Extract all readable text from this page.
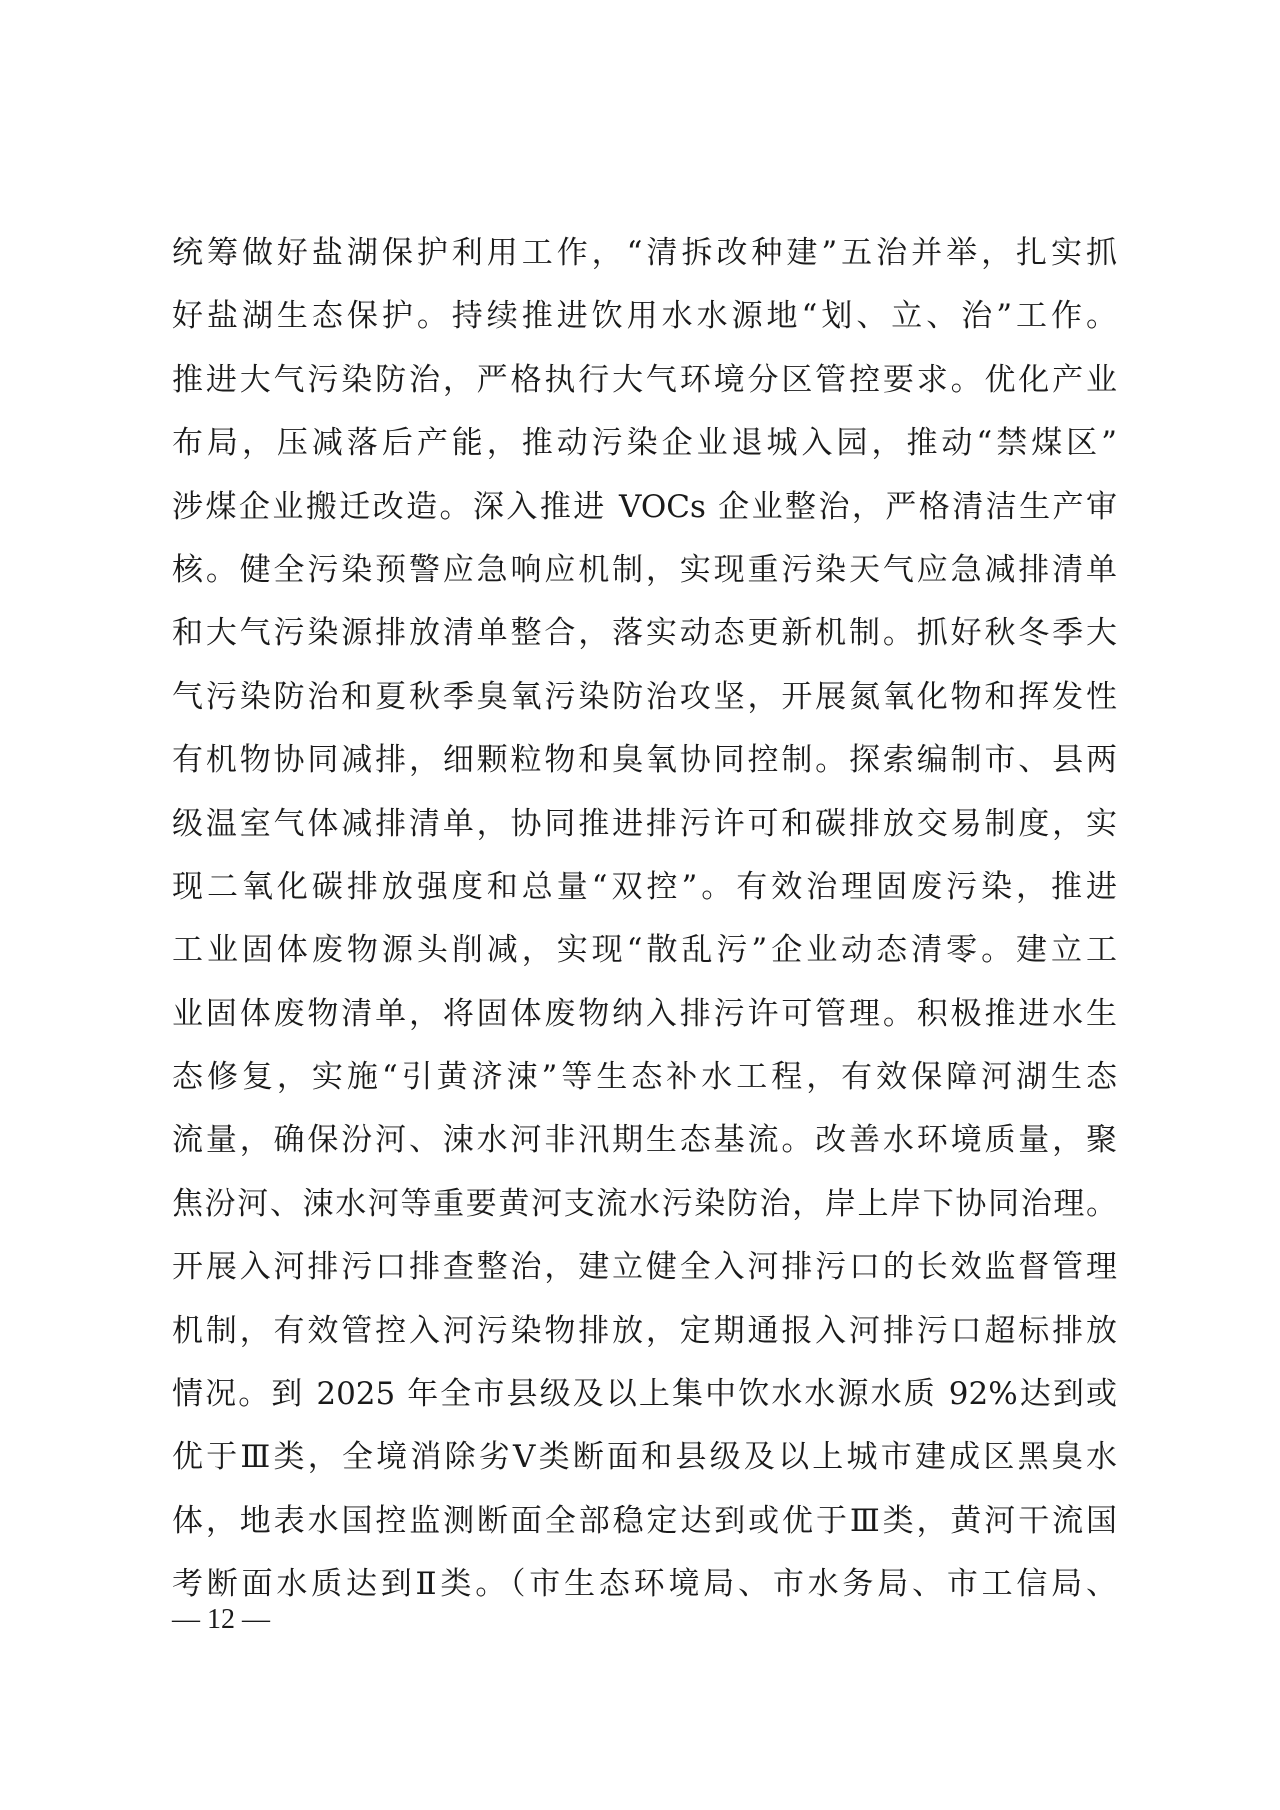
统筹做好盐湖保护利用工作，“清拆改种建”五治并举，扎实抓
好盐湖生态保护。持续推进饮用水水源地“划、立、治”工作。
推进大气污染防治，严格执行大气环境分区管控要求。优化产业
布局，压减落后产能，推动污染企业退城入园，推动“禁煤区”
涉煤企业搬迁改造。深入推进 VOCs 企业整治，严格清洁生产审
核。健全污染预警应急响应机制，实现重污染天气应急减排清单
和大气污染源排放清单整合，落实动态更新机制。抓好秋冬季大
气污染防治和夏秋季臭氧污染防治攻坚，开展氮氧化物和挥发性
有机物协同减排，细颗粒物和臭氧协同控制。探索编制市、县两
级温室气体减排清单，协同推进排污许可和碳排放交易制度，实
现二氧化碳排放强度和总量“双控”。有效治理固废污染，推进
工业固体废物源头削减，实现“散乱污”企业动态清零。建立工
业固体废物清单，将固体废物纳入排污许可管理。积极推进水生
态修复，实施“引黄济涑”等生态补水工程，有效保障河湖生态
流量，确保汾河、涑水河非汛期生态基流。改善水环境质量，聚
焦汾河、涑水河等重要黄河支流水污染防治，岸上岸下协同治理。
开展入河排污口排查整治，建立健全入河排污口的长效监督管理
机制，有效管控入河污染物排放，定期通报入河排污口超标排放
情况。到 2025 年全市县级及以上集中饮水水源水质 92%达到或
优于Ⅲ类，全境消除劣Ⅴ类断面和县级及以上城市建成区黑臭水
体，地表水国控监测断面全部稳定达到或优于Ⅲ类，黄河干流国
考断面水质达到Ⅱ类。（市生态环境局、市水务局、市工信局、
— 12 —
